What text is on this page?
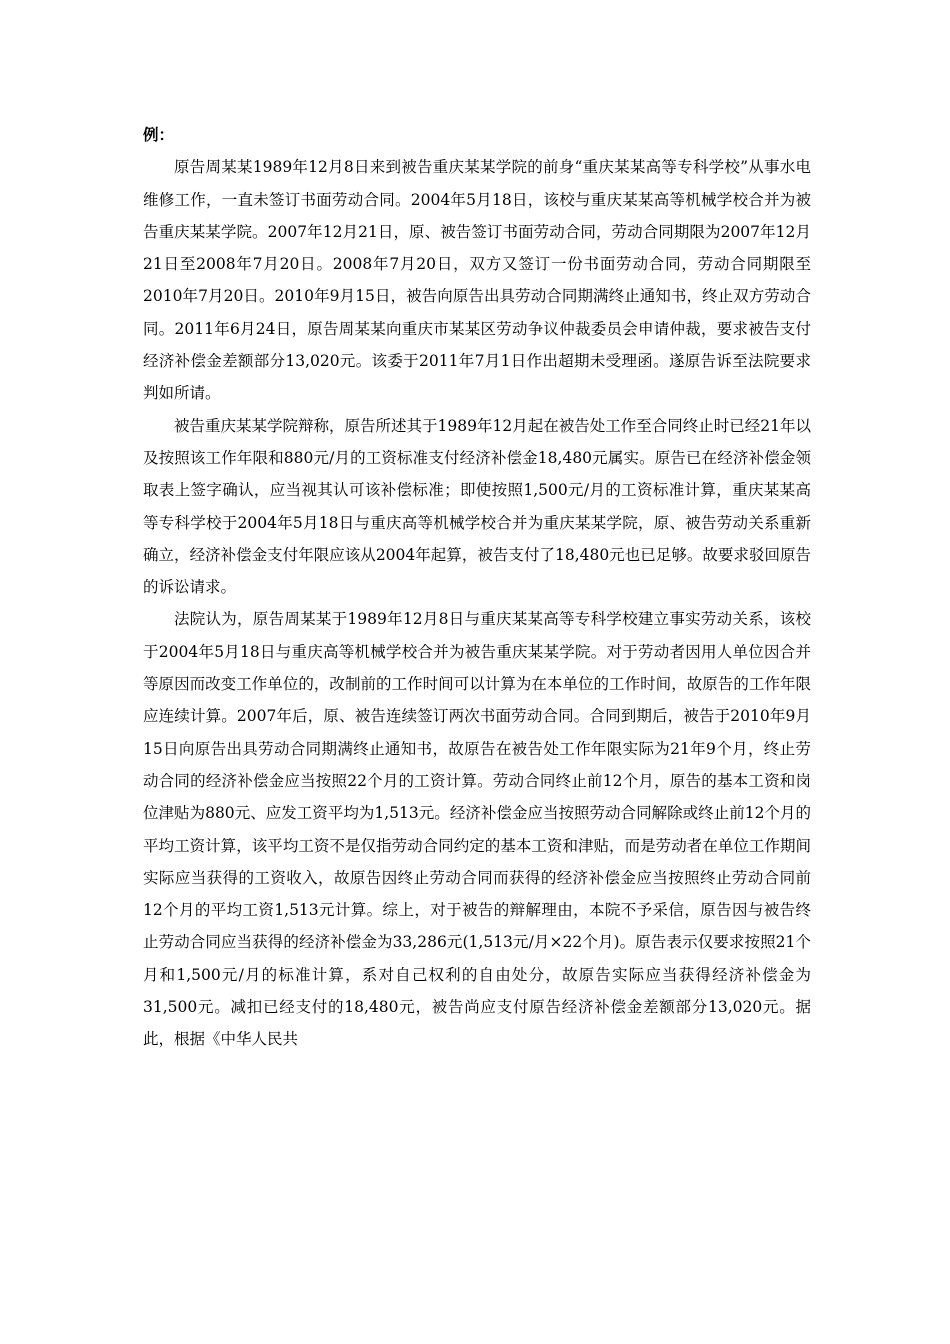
例：

原告周某某1989年12月8日来到被告重庆某某学院的前身“重庆某某高等专科学校”从事水电维修工作，一直未签订书面劳动合同。2004年5月18日，该校与重庆某某高等机械学校合并为被告重庆某某学院。2007年12月21日，原、被告签订书面劳动合同，劳动合同期限为2007年12月21日至2008年7月20日。2008年7月20日，双方又签订一份书面劳动合同，劳动合同期限至2010年7月20日。2010年9月15日，被告向原告出具劳动合同期满终止通知书，终止双方劳动合同。2011年6月24日，原告周某某向重庆市某某区劳动争议仲裁委员会申请仲裁，要求被告支付经济补偿金差额部分13,020元。该委于2011年7月1日作出超期未受理函。遂原告诉至法院要求判如所请。

被告重庆某某学院辩称，原告所述其于1989年12月起在被告处工作至合同终止时已经21年以及按照该工作年限和880元/月的工资标准支付经济补偿金18,480元属实。原告已在经济补偿金领取表上签字确认，应当视其认可该补偿标准；即使按照1,500元/月的工资标准计算，重庆某某高等专科学校于2004年5月18日与重庆高等机械学校合并为重庆某某学院，原、被告劳动关系重新确立，经济补偿金支付年限应该从2004年起算，被告支付了18,480元也已足够。故要求驳回原告的诉讼请求。

法院认为，原告周某某于1989年12月8日与重庆某某高等专科学校建立事实劳动关系，该校于2004年5月18日与重庆高等机械学校合并为被告重庆某某学院。对于劳动者因用人单位因合并等原因而改变工作单位的，改制前的工作时间可以计算为在本单位的工作时间，故原告的工作年限应连续计算。2007年后，原、被告连续签订两次书面劳动合同。合同到期后，被告于2010年9月15日向原告出具劳动合同期满终止通知书，故原告在被告处工作年限实际为21年9个月，终止劳动合同的经济补偿金应当按照22个月的工资计算。劳动合同终止前12个月，原告的基本工资和岗位津贴为880元、应发工资平均为1,513元。经济补偿金应当按照劳动合同解除或终止前12个月的平均工资计算，该平均工资不是仅指劳动合同约定的基本工资和津贴，而是劳动者在单位工作期间实际应当获得的工资收入，故原告因终止劳动合同而获得的经济补偿金应当按照终止劳动合同前12个月的平均工资1,513元计算。综上，对于被告的辩解理由，本院不予采信，原告因与被告终止劳动合同应当获得的经济补偿金为33,286元(1,513元/月×22个月)。原告表示仅要求按照21个月和1,500元/月的标准计算，系对自己权利的自由处分，故原告实际应当获得经济补偿金为31,500元。减扣已经支付的18,480元，被告尚应支付原告经济补偿金差额部分13,020元。据此，根据《中华人民共
